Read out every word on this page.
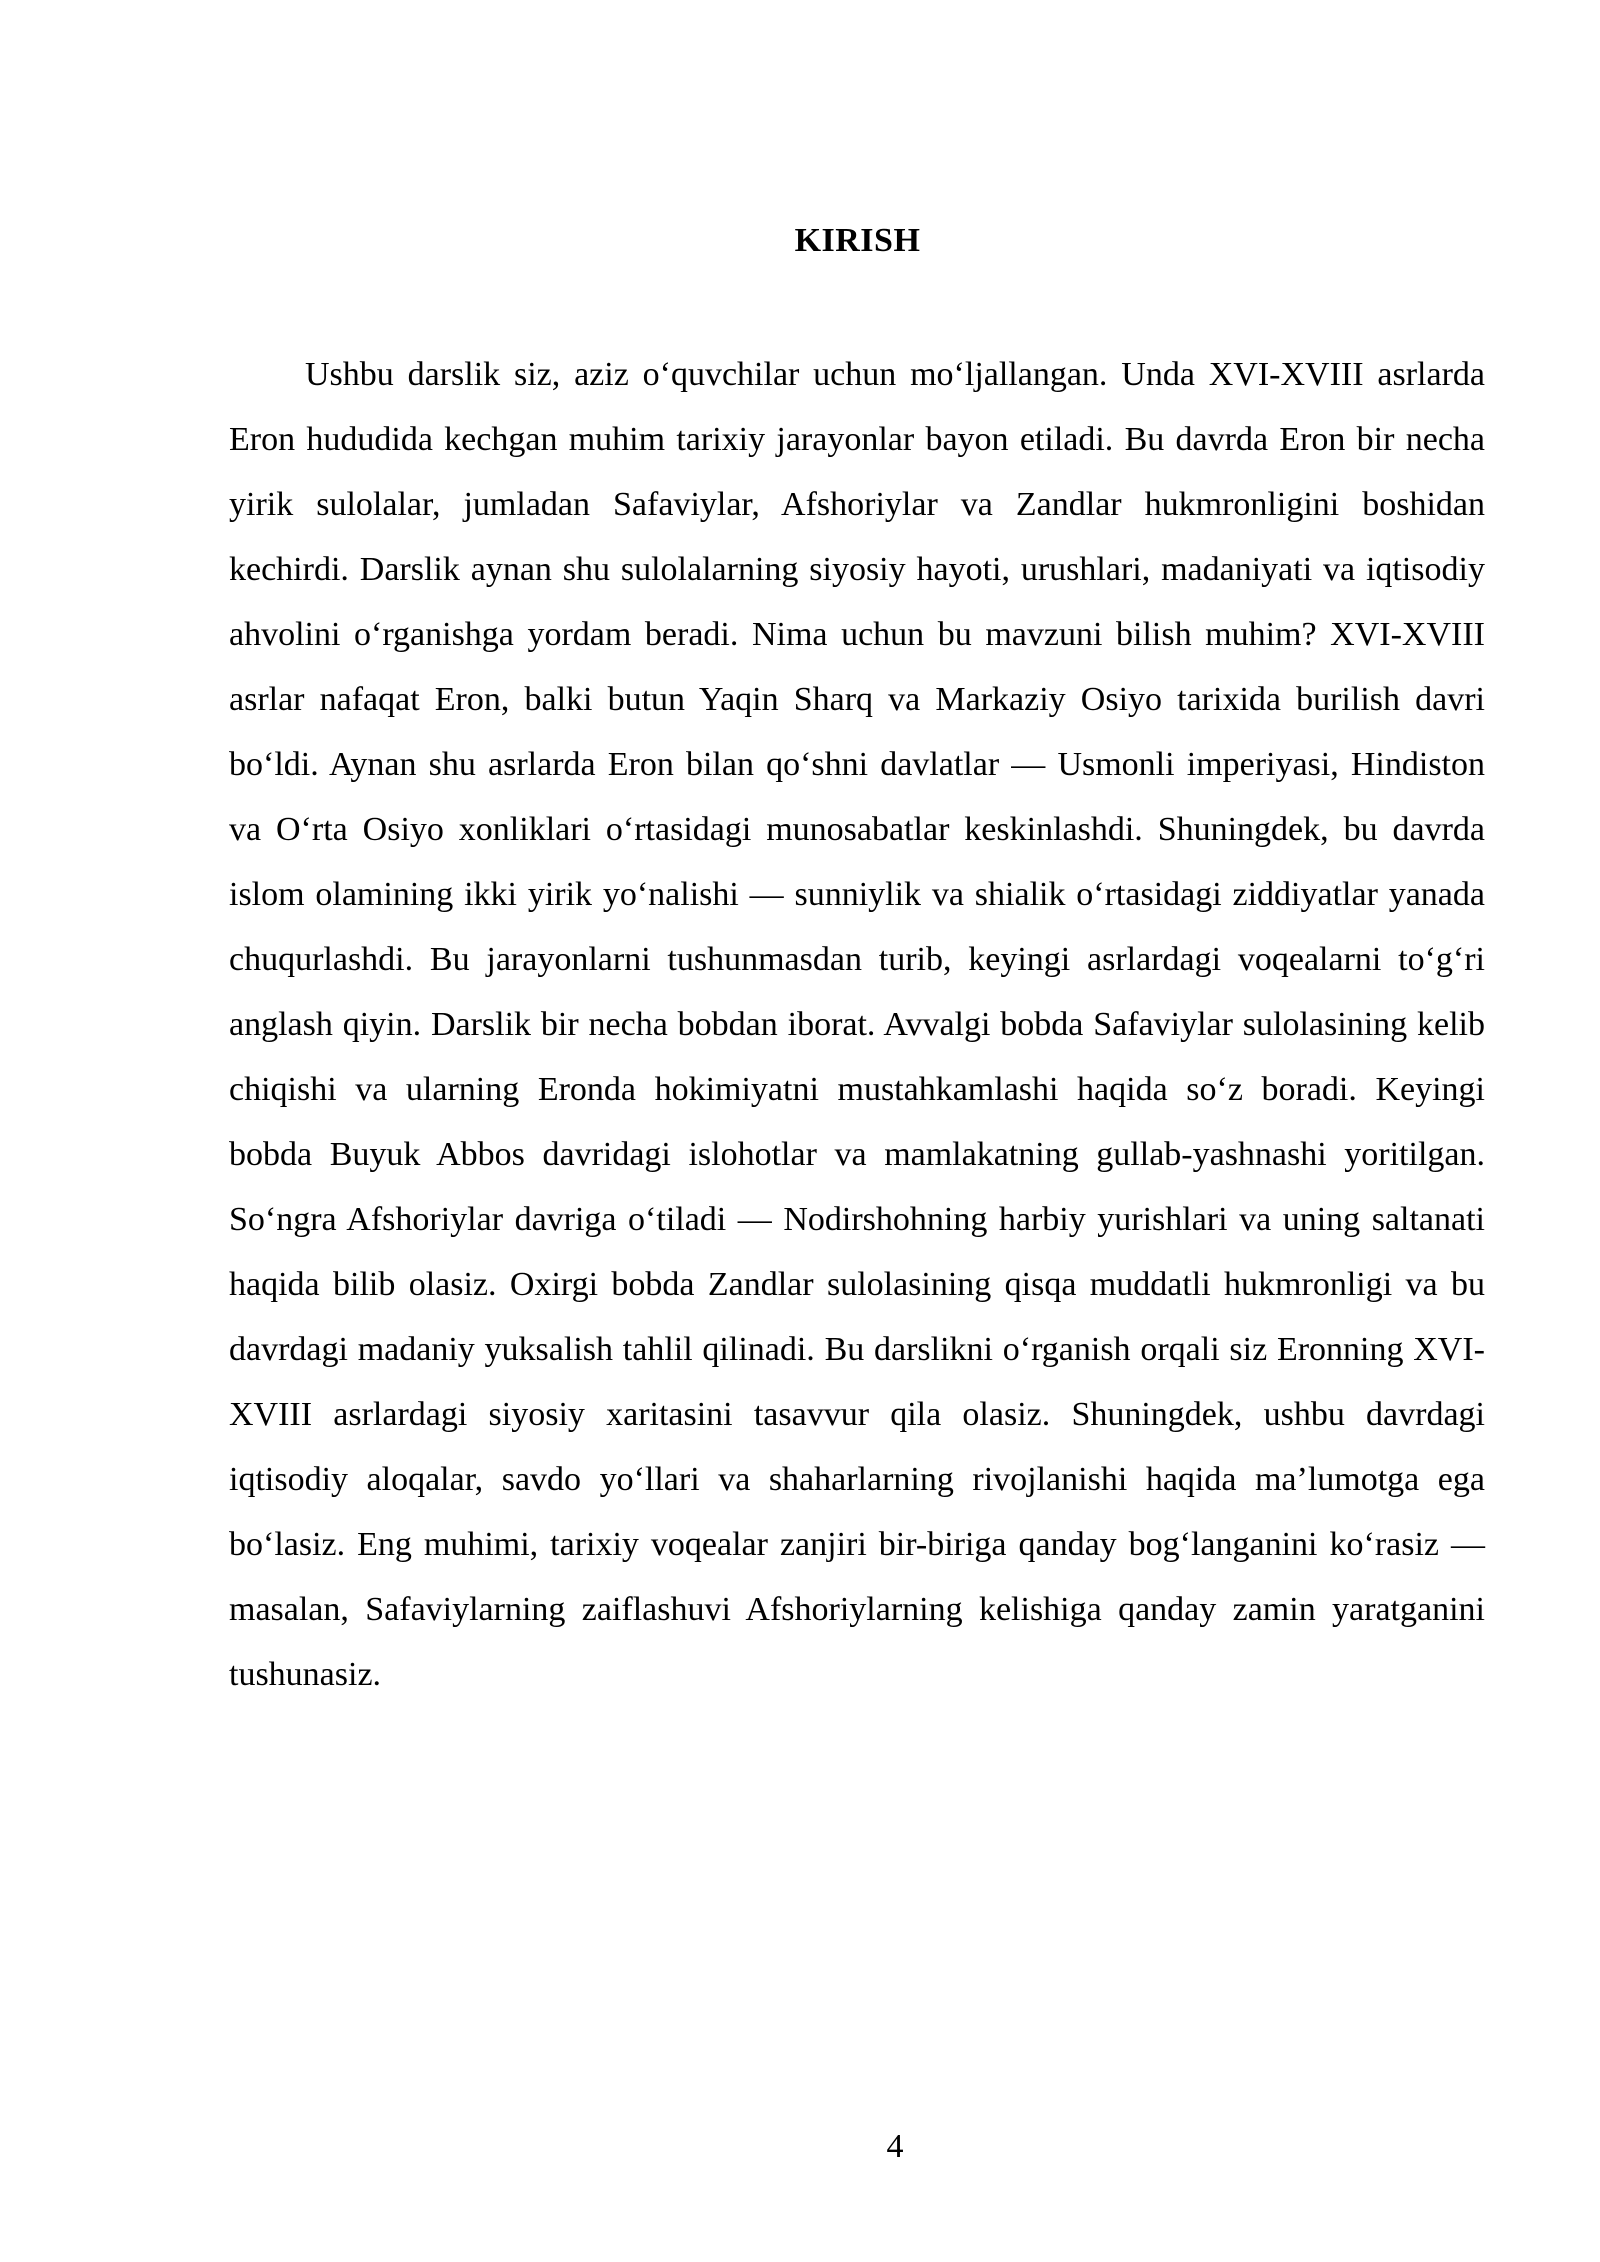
KIRISH

Ushbu darslik siz, aziz o‘quvchilar uchun mo‘ljallangan. Unda XVI-XVIII asrlarda Eron hududida kechgan muhim tarixiy jarayonlar bayon etiladi. Bu davrda Eron bir necha yirik sulolalar, jumladan Safaviylar, Afshoriylar va Zandlar hukmronligini boshidan kechirdi. Darslik aynan shu sulolalarning siyosiy hayoti, urushlari, madaniyati va iqtisodiy ahvolini o‘rganishga yordam beradi. Nima uchun bu mavzuni bilish muhim? XVI-XVIII asrlar nafaqat Eron, balki butun Yaqin Sharq va Markaziy Osiyo tarixida burilish davri bo‘ldi. Aynan shu asrlarda Eron bilan qo‘shni davlatlar — Usmonli imperiyasi, Hindiston va O‘rta Osiyo xonliklari o‘rtasidagi munosabatlar keskinlashdi. Shuningdek, bu davrda islom olamining ikki yirik yo‘nalishi — sunniylik va shialik o‘rtasidagi ziddiyatlar yanada chuqurlashdi. Bu jarayonlarni tushunmasdan turib, keyingi asrlardagi voqealarni to‘g‘ri anglash qiyin. Darslik bir necha bobdan iborat. Avvalgi bobda Safaviylar sulolasining kelib chiqishi va ularning Eronda hokimiyatni mustahkamlashi haqida so‘z boradi. Keyingi bobda Buyuk Abbos davridagi islohotlar va mamlakatning gullab-yashnashi yoritilgan. So‘ngra Afshoriylar davriga o‘tiladi — Nodirshohning harbiy yurishlari va uning saltanati haqida bilib olasiz. Oxirgi bobda Zandlar sulolasining qisqa muddatli hukmronligi va bu davrdagi madaniy yuksalish tahlil qilinadi. Bu darslikni o‘rganish orqali siz Eronning XVI-XVIII asrlardagi siyosiy xaritasini tasavvur qila olasiz. Shuningdek, ushbu davrdagi iqtisodiy aloqalar, savdo yo‘llari va shaharlarning rivojlanishi haqida ma’lumotga ega bo‘lasiz. Eng muhimi, tarixiy voqealar zanjiri bir-biriga qanday bog‘langanini ko‘rasiz — masalan, Safaviylarning zaiflashuvi Afshoriylarning kelishiga qanday zamin yaratganini tushunasiz.

4
